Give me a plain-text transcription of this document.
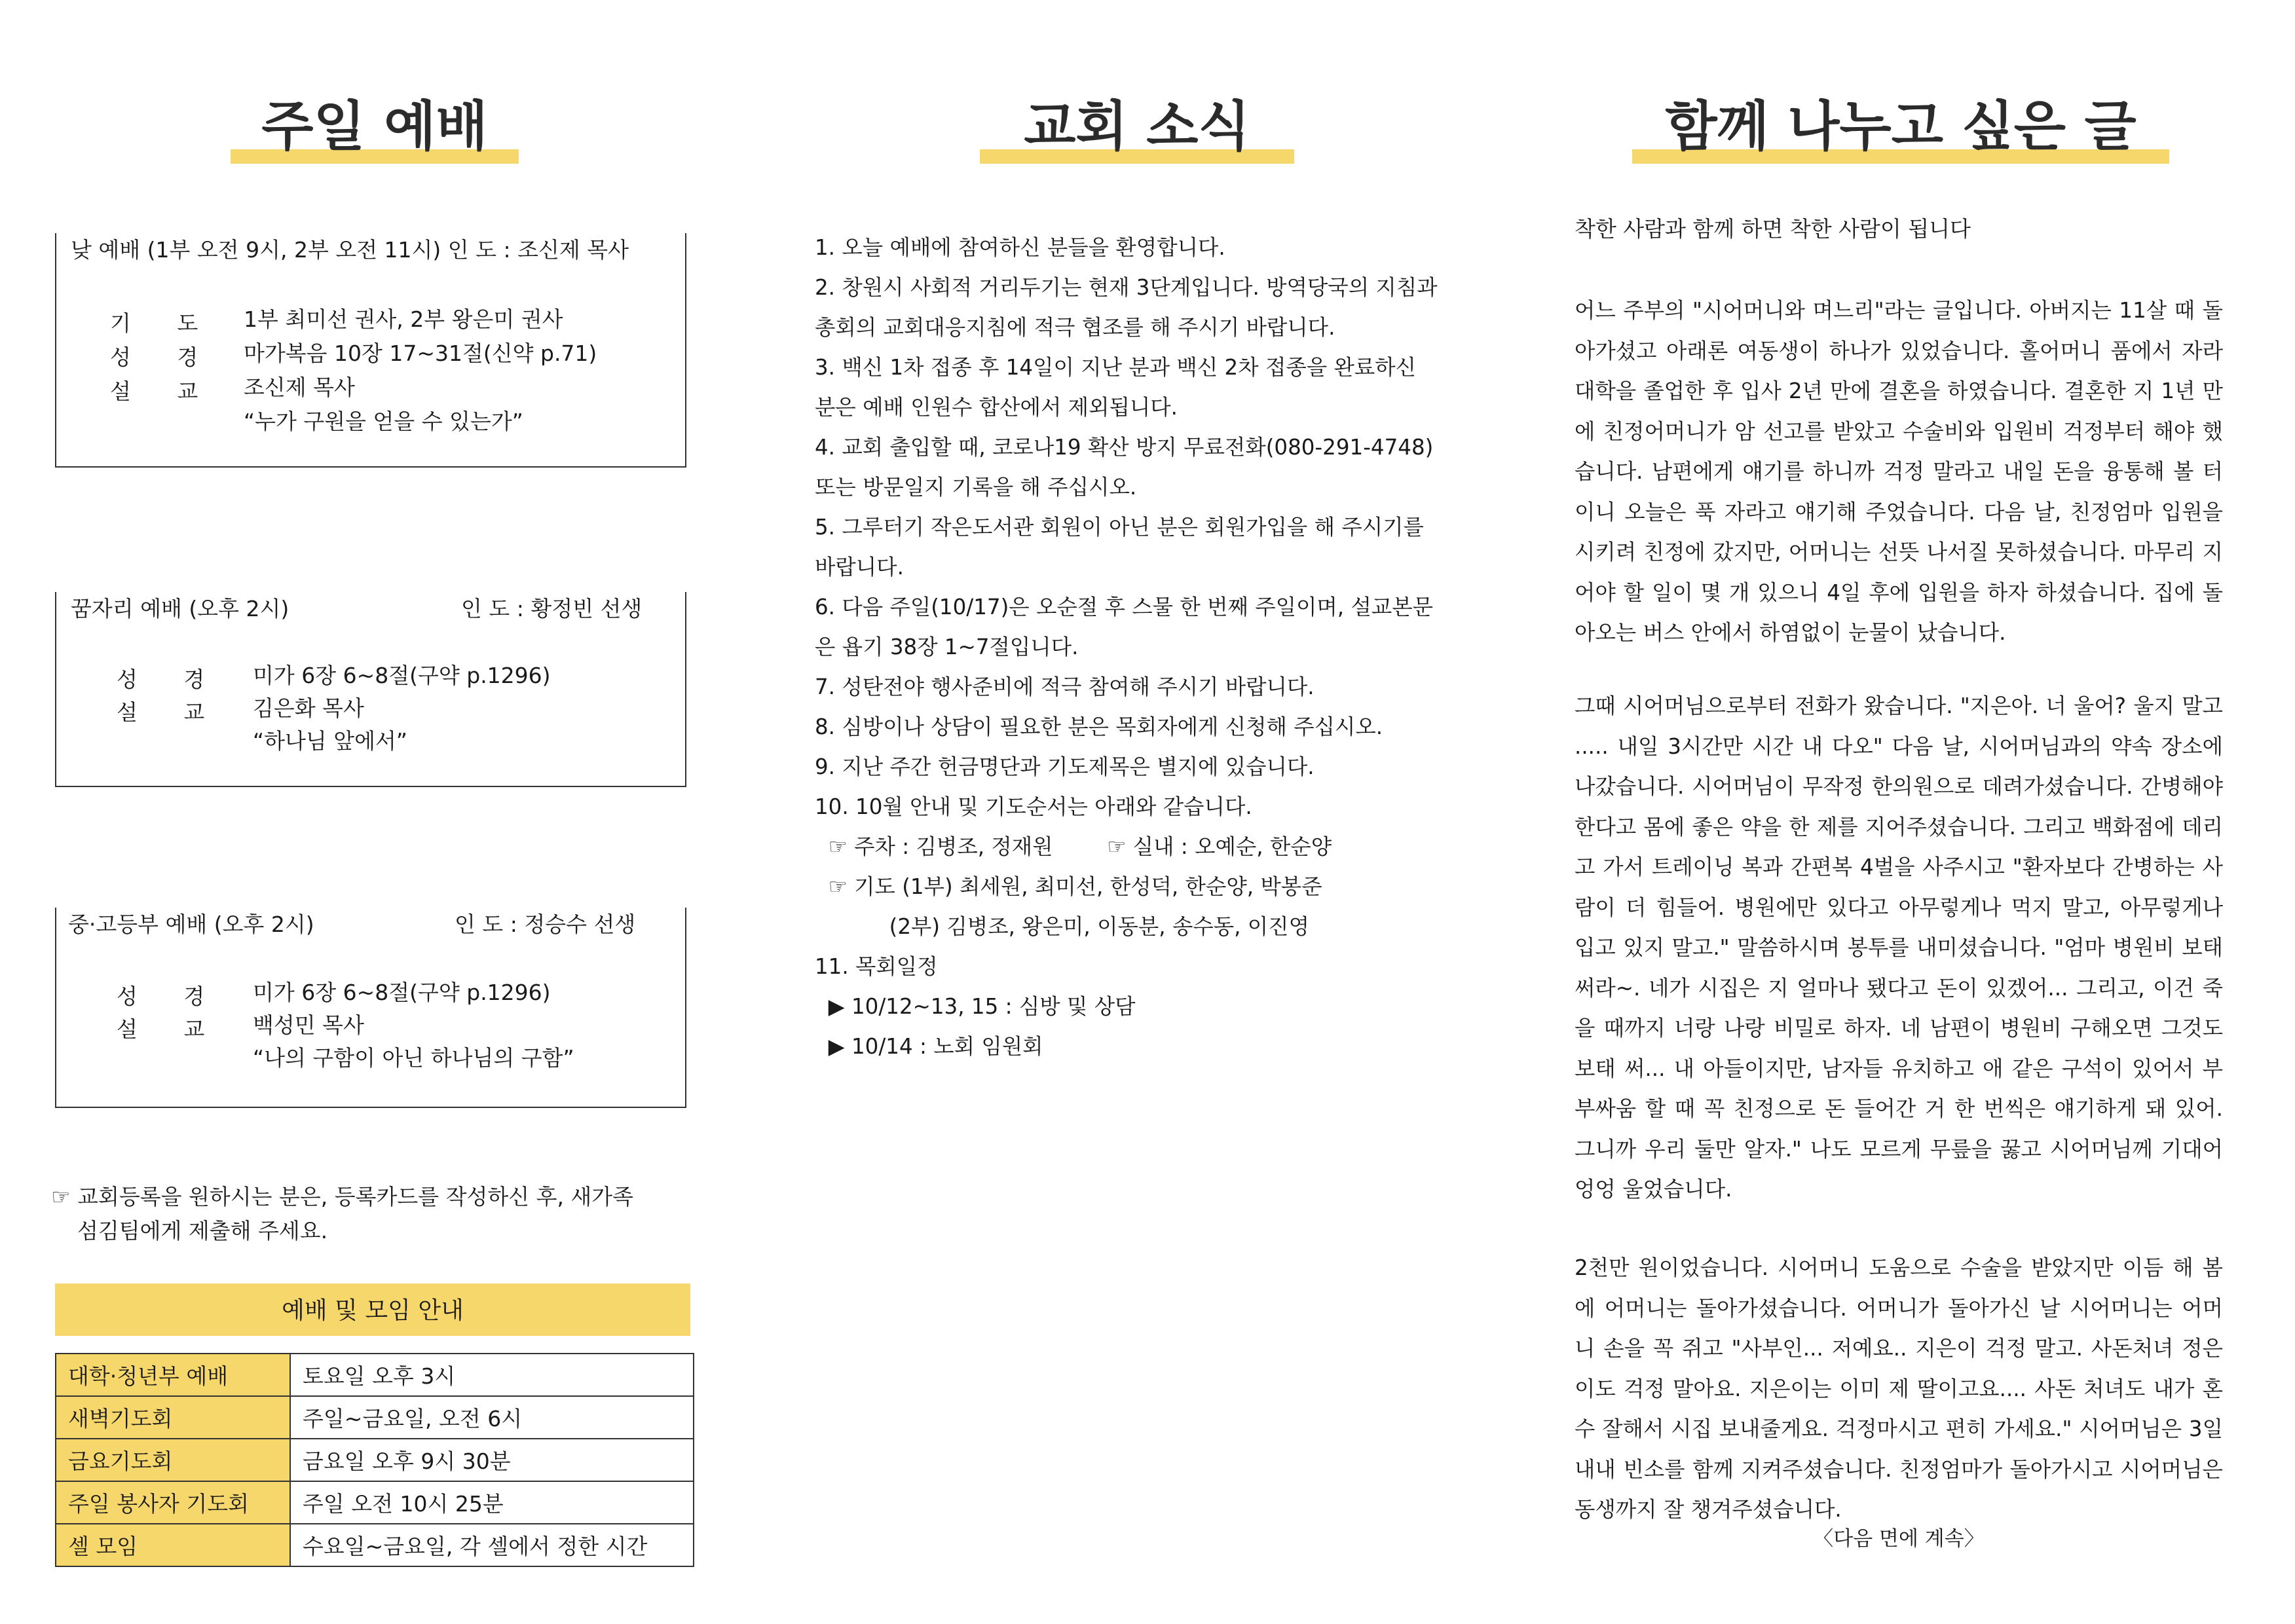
주일 예배
낮 예배 (1부 오전 9시, 2부 오전 11시) 인 도 : 조신제 목사
기 도 1부 최미선 권사, 2부 왕은미 권사
성 경 마가복음 10장 17~31절(신약 p.71)
설 교 조신제 목사
“누가 구원을 얻을 수 있는가”
꿈자리 예배 (오후 2시)	인 도 : 황정빈 선생
성 경 미가 6장 6~8절(구약 p.1296)
설 교 김은화 목사
“하나님 앞에서”
중·고등부 예배 (오후 2시)	인 도 : 정승수 선생
성 경 미가 6장 6~8절(구약 p.1296)
설 교 백성민 목사
“나의 구함이 아닌 하나님의 구함”
☞ 교회등록을 원하시는 분은, 등록카드를 작성하신 후, 새가족
섬김팀에게 제출해 주세요.
예배 및 모임 안내
대학·청년부 예배	토요일 오후 3시
새벽기도회	주일~금요일, 오전 6시
금요기도회	금요일 오후 9시 30분
주일 봉사자 기도회	주일 오전 10시 25분
셀 모임	수요일~금요일, 각 셀에서 정한 시간
교회 소식
1. 오늘 예배에 참여하신 분들을 환영합니다.
2. 창원시 사회적 거리두기는 현재 3단계입니다. 방역당국의 지침과
총회의 교회대응지침에 적극 협조를 해 주시기 바랍니다.
3. 백신 1차 접종 후 14일이 지난 분과 백신 2차 접종을 완료하신
분은 예배 인원수 합산에서 제외됩니다.
4. 교회 출입할 때, 코로나19 확산 방지 무료전화(080-291-4748)
또는 방문일지 기록을 해 주십시오.
5. 그루터기 작은도서관 회원이 아닌 분은 회원가입을 해 주시기를
바랍니다.
6. 다음 주일(10/17)은 오순절 후 스물 한 번째 주일이며, 설교본문
은 욥기 38장 1~7절입니다.
7. 성탄전야 행사준비에 적극 참여해 주시기 바랍니다.
8. 심방이나 상담이 필요한 분은 목회자에게 신청해 주십시오.
9. 지난 주간 헌금명단과 기도제목은 별지에 있습니다.
10. 10월 안내 및 기도순서는 아래와 같습니다.
☞ 주차 : 김병조, 정재원        ☞ 실내 : 오예순, 한순양
☞ 기도 (1부) 최세원, 최미선, 한성덕, 한순양, 박봉준
(2부) 김병조, 왕은미, 이동분, 송수동, 이진영
11. 목회일정
▶ 10/12~13, 15 : 심방 및 상담
▶ 10/14 : 노회 임원회
함께 나누고 싶은 글
착한 사람과 함께 하면 착한 사람이 됩니다
어느 주부의 "시어머니와 며느리"라는 글입니다. 아버지는 11살 때 돌아가셨고 아래론 여동생이 하나가 있었습니다. 홀어머니 품에서 자라 대학을 졸업한 후 입사 2년 만에 결혼을 하였습니다. 결혼한 지 1년 만에 친정어머니가 암 선고를 받았고 수술비와 입원비 걱정부터 해야 했습니다. 남편에게 얘기를 하니까 걱정 말라고 내일 돈을 융통해 볼 터이니 오늘은 푹 자라고 얘기해 주었습니다. 다음 날, 친정엄마 입원을 시키려 친정에 갔지만, 어머니는 선뜻 나서질 못하셨습니다. 마무리 지어야 할 일이 몇 개 있으니 4일 후에 입원을 하자 하셨습니다. 집에 돌아오는 버스 안에서 하염없이 눈물이 났습니다.
그때 시어머님으로부터 전화가 왔습니다. "지은아. 너 울어? 울지 말고 ..... 내일 3시간만 시간 내 다오" 다음 날, 시어머님과의 약속 장소에 나갔습니다. 시어머님이 무작정 한의원으로 데려가셨습니다. 간병해야 한다고 몸에 좋은 약을 한 제를 지어주셨습니다. 그리고 백화점에 데리고 가서 트레이닝 복과 간편복 4벌을 사주시고 "환자보다 간병하는 사람이 더 힘들어. 병원에만 있다고 아무렇게나 먹지 말고, 아무렇게나 입고 있지 말고." 말씀하시며 봉투를 내미셨습니다. "엄마 병원비 보태써라~. 네가 시집은 지 얼마나 됐다고 돈이 있겠어... 그리고, 이건 죽을 때까지 너랑 나랑 비밀로 하자. 네 남편이 병원비 구해오면 그것도 보태 써... 내 아들이지만, 남자들 유치하고 애 같은 구석이 있어서 부부싸움 할 때 꼭 친정으로 돈 들어간 거 한 번씩은 얘기하게 돼 있어. 그니까 우리 둘만 알자." 나도 모르게 무릎을 꿇고 시어머님께 기대어 엉엉 울었습니다.
2천만 원이었습니다. 시어머니 도움으로 수술을 받았지만 이듬 해 봄에 어머니는 돌아가셨습니다. 어머니가 돌아가신 날 시어머니는 어머니 손을 꼭 쥐고 "사부인... 저예요.. 지은이 걱정 말고. 사돈처녀 정은이도 걱정 말아요. 지은이는 이미 제 딸이고요.... 사돈 처녀도 내가 혼수 잘해서 시집 보내줄게요. 걱정마시고 편히 가세요." 시어머님은 3일 내내 빈소를 함께 지켜주셨습니다. 친정엄마가 돌아가시고 시어머님은 동생까지 잘 챙겨주셨습니다.
〈다음 면에 계속〉
